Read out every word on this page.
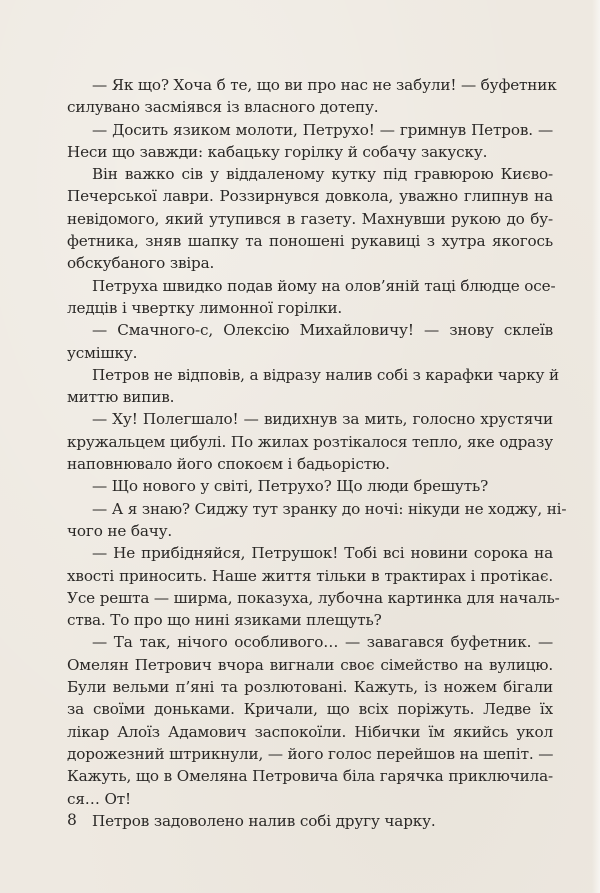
— Як що? Хоча б те, що ви про нас не забули! — буфетник
силувано засміявся із власного дотепу.
— Досить язиком молоти, Петрухо! — гримнув Петров. —
Неси що завжди: кабацьку горілку й собачу закуску.
Він важко сів у віддаленому кутку під гравюрою Києво-
Печерської лаври. Роззирнувся довкола, уважно глипнув на
невідомого, який утупився в газету. Махнувши рукою до бу-
фетника, зняв шапку та поношені рукавиці з хутра якогось
обскубаного звіра.
Петруха швидко подав йому на олов’яній таці блюдце осе-
ледців і чвертку лимонної горілки.
— Смачного-с, Олексію Михайловичу! — знову склеїв
усмішку.
Петров не відповів, а відразу налив собі з карафки чарку й
миттю випив.
— Ху! Полегшало! — видихнув за мить, голосно хрустячи
кружальцем цибулі. По жилах розтікалося тепло, яке одразу
наповнювало його спокоєм і бадьорістю.
— Що нового у світі, Петрухо? Що люди брешуть?
— А я знаю? Сиджу тут зранку до ночі: нікуди не ходжу, ні-
чого не бачу.
— Не прибідняйся, Петрушок! Тобі всі новини сорока на
хвості приносить. Наше життя тільки в трактирах і протікає.
Усе решта — ширма, показуха, лубочна картинка для началь-
ства. То про що нині язиками плещуть?
— Та так, нічого особливого… — завагався буфетник. —
Омелян Петрович вчора вигнали своє сімейство на вулицю.
Були вельми п’яні та розлютовані. Кажуть, із ножем бігали
за своїми доньками. Кричали, що всіх поріжуть. Ледве їх
лікар Алоїз Адамович заспокоїли. Нібички їм якийсь укол
дорожезний штрикнули, — його голос перейшов на шепіт. —
Кажуть, що в Омеляна Петровича біла гарячка приключила-
ся… От!
Петров задоволено налив собі другу чарку.
8
